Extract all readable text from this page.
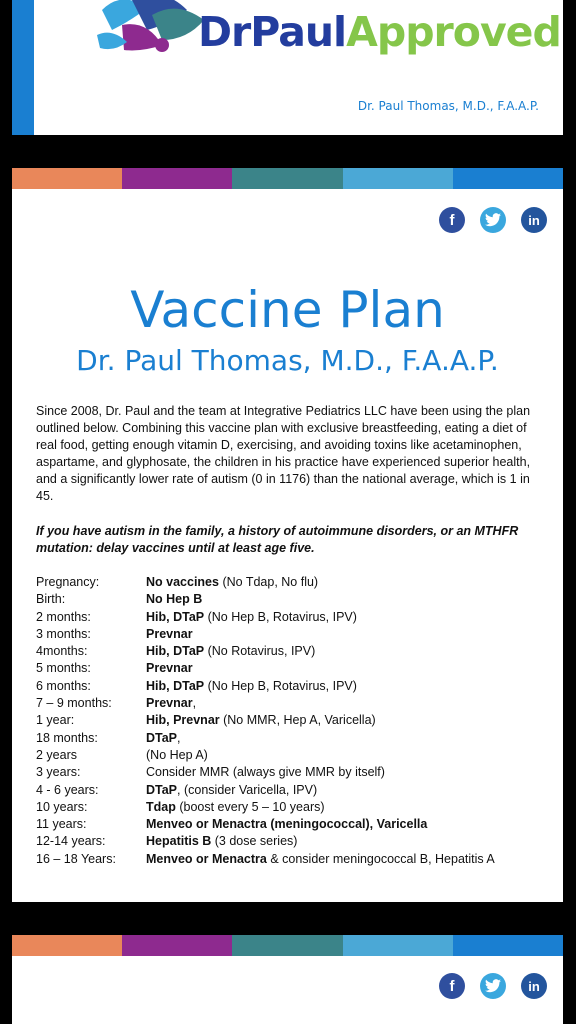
DrPaulApproved
Dr. Paul Thomas, M.D., F.A.A.P.
f	in
Vaccine Plan
Dr. Paul Thomas, M.D., F.A.A.P.

Since 2008, Dr. Paul and the team at Integrative Pediatrics LLC have been using the plan outlined below. Combining this vaccine plan with exclusive breastfeeding, eating a diet of real food, getting enough vitamin D, exercising, and avoiding toxins like acetaminophen, aspartame, and glyphosate, the children in his practice have experienced superior health, and a significantly lower rate of autism (0 in 1176) than the national average, which is 1 in 45.

If you have autism in the family, a history of autoimmune disorders, or an MTHFR mutation: delay vaccines until at least age five.

Pregnancy:	No vaccines (No Tdap, No flu)
Birth:	No Hep B
2 months:	Hib, DTaP (No Hep B, Rotavirus, IPV)
3 months:	Prevnar
4months:	Hib, DTaP (No Rotavirus, IPV)
5 months:	Prevnar
6 months:	Hib, DTaP (No Hep B, Rotavirus, IPV)
7 – 9 months:	Prevnar,
1 year:	Hib, Prevnar (No MMR, Hep A, Varicella)
18 months:	DTaP,
2 years	(No Hep A)
3 years:	Consider MMR (always give MMR by itself)
4 - 6 years:	DTaP, (consider Varicella, IPV)
10 years:	Tdap (boost every 5 – 10 years)
11 years:	Menveo or Menactra (meningococcal), Varicella
12-14 years:	Hepatitis B (3 dose series)
16 – 18 Years:	Menveo or Menactra & consider meningococcal B, Hepatitis A
f	in
